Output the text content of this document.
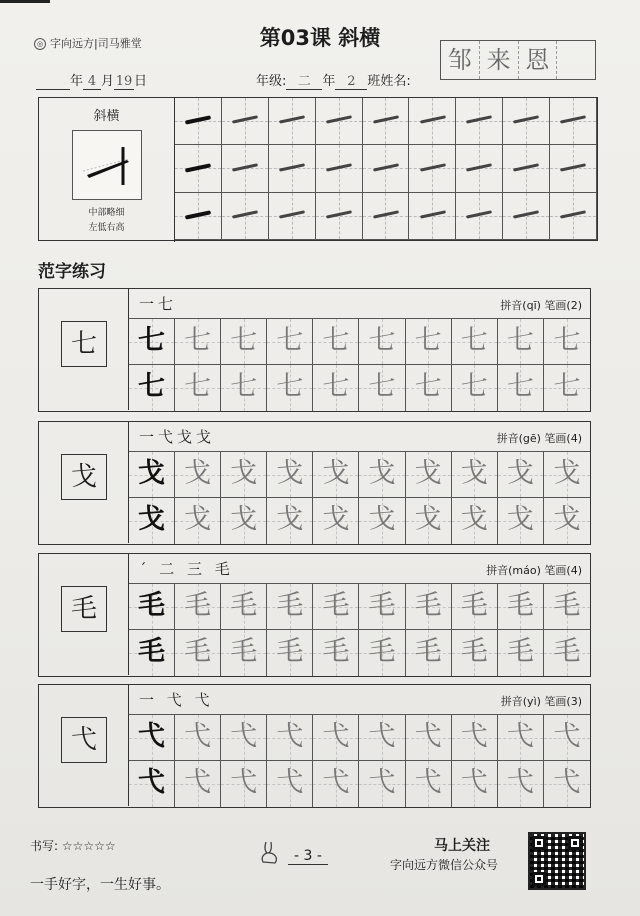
◎ 字向远方|司马雅堂	第03课 斜横
年 4 月 19 日	年级: 二 年 2 班姓名:
邹 来 恩
斜横
中部略细
左低右高
范字练习
七
一七	拼音(qī) 笔画(2)
七 七 七 七 七 七 七 七 七 七
七 七 七 七 七 七 七 七 七 七
戈
一弋戈戈	拼音(gē) 笔画(4)
戈 戈 戈 戈 戈 戈 戈 戈 戈 戈
戈 戈 戈 戈 戈 戈 戈 戈 戈 戈
毛
´ 二 三 毛	拼音(máo) 笔画(4)
毛 毛 毛 毛 毛 毛 毛 毛 毛 毛
毛 毛 毛 毛 毛 毛 毛 毛 毛 毛
弋
一 弋 弋	拼音(yì) 笔画(3)
弋 弋 弋 弋 弋 弋 弋 弋 弋 弋
弋 弋 弋 弋 弋 弋 弋 弋 弋 弋
书写: ☆☆☆☆☆
一手好字，一生好事。
- 3 -
马上关注
字向远方微信公众号
